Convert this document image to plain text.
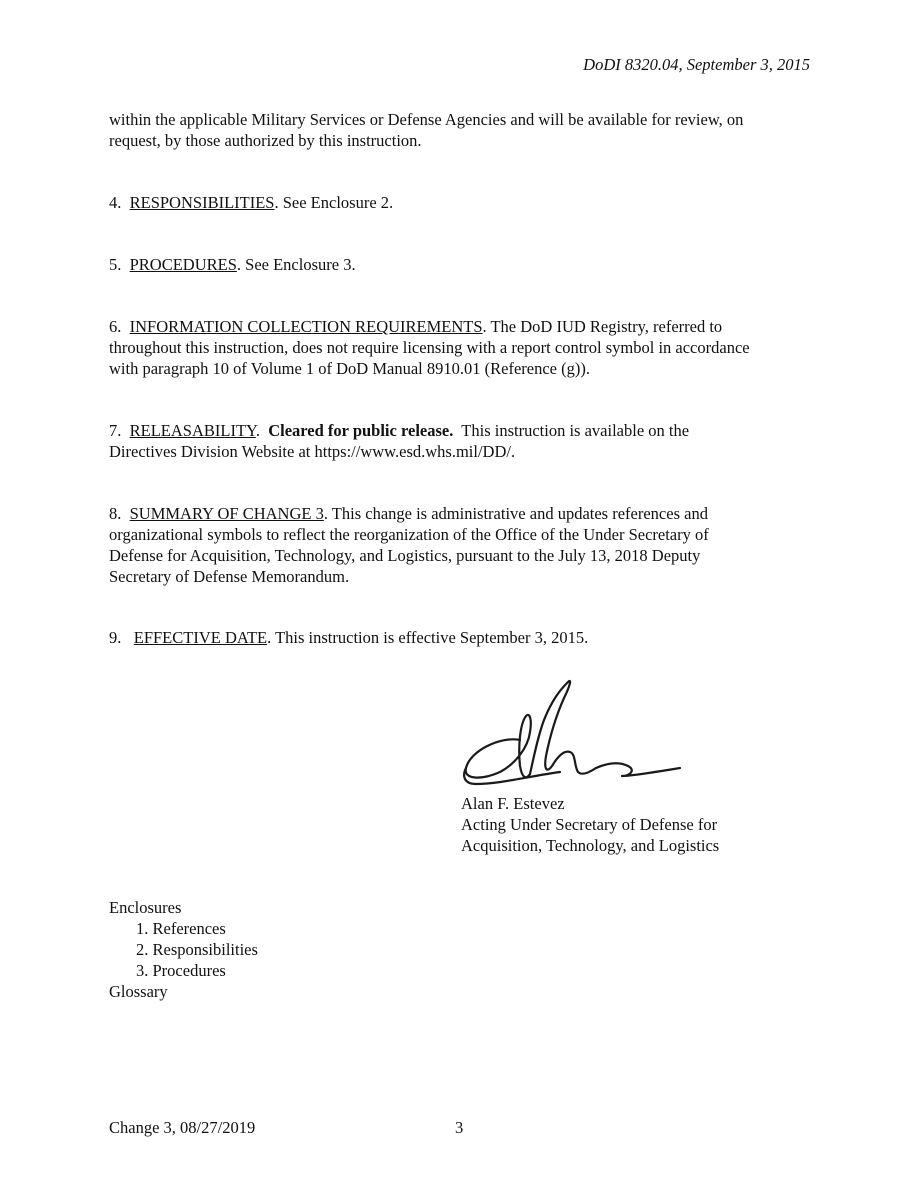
DoDI 8320.04, September 3, 2015
within the applicable Military Services or Defense Agencies and will be available for review, on
request, by those authorized by this instruction.
4. RESPONSIBILITIES. See Enclosure 2.
5. PROCEDURES. See Enclosure 3.
6. INFORMATION COLLECTION REQUIREMENTS. The DoD IUD Registry, referred to
throughout this instruction, does not require licensing with a report control symbol in accordance
with paragraph 10 of Volume 1 of DoD Manual 8910.01 (Reference (g)).
7. RELEASABILITY.  Cleared for public release.  This instruction is available on the
Directives Division Website at https://www.esd.whs.mil/DD/.
8. SUMMARY OF CHANGE 3. This change is administrative and updates references and
organizational symbols to reflect the reorganization of the Office of the Under Secretary of
Defense for Acquisition, Technology, and Logistics, pursuant to the July 13, 2018 Deputy
Secretary of Defense Memorandum.
9. EFFECTIVE DATE. This instruction is effective September 3, 2015.
Alan F. Estevez
Acting Under Secretary of Defense for
Acquisition, Technology, and Logistics
Enclosures
1. References
2. Responsibilities
3. Procedures
Glossary
Change 3, 08/27/2019	3
